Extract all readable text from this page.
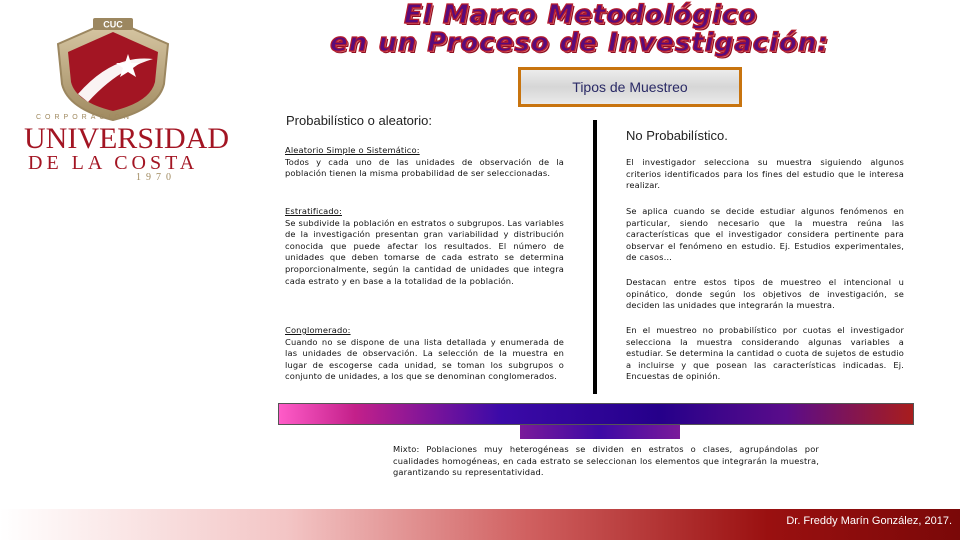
CUC
CORPORACIÓN
UNIVERSIDAD
DE LA COSTA
1970
El Marco Metodológico
en un Proceso de Investigación:
Tipos de Muestreo
Probabilístico o aleatorio:
No Probabilístico.
Aleatorio Simple o Sistemático:
Todos y cada uno de las unidades de observación de la población tienen la misma probabilidad de ser seleccionadas.
Estratificado:
Se subdivide la población en estratos o subgrupos. Las variables de la investigación presentan gran variabilidad y distribución conocida que puede afectar los resultados. El número de unidades que deben tomarse de cada estrato se determina proporcionalmente, según la cantidad de unidades que integra cada estrato y en base a la totalidad de la población.
Conglomerado:
Cuando no se dispone de una lista detallada y enumerada de las unidades de observación. La selección de la muestra en lugar de escogerse cada unidad, se toman los subgrupos o conjunto de unidades, a los que se denominan conglomerados.
El investigador selecciona su muestra siguiendo algunos criterios identificados para los fines del estudio que le interesa realizar.
Se aplica cuando se decide estudiar algunos fenómenos en particular, siendo necesario que la muestra reúna las características que el investigador considera pertinente para observar el fenómeno en estudio. Ej. Estudios experimentales, de casos…
Destacan entre estos tipos de muestreo el intencional u opinático, donde según los objetivos de investigación, se deciden las unidades que integrarán la muestra.
En el muestreo no probabilístico por cuotas el investigador selecciona la muestra considerando algunas variables a estudiar. Se determina la cantidad o cuota de sujetos de estudio a incluirse y que posean las características indicadas. Ej. Encuestas de opinión.
Mixto: Poblaciones muy heterogéneas se dividen en estratos o clases, agrupándolas por cualidades homogéneas, en cada estrato se seleccionan los elementos que integrarán la muestra, garantizando su representatividad.
Dr. Freddy Marín González, 2017.
